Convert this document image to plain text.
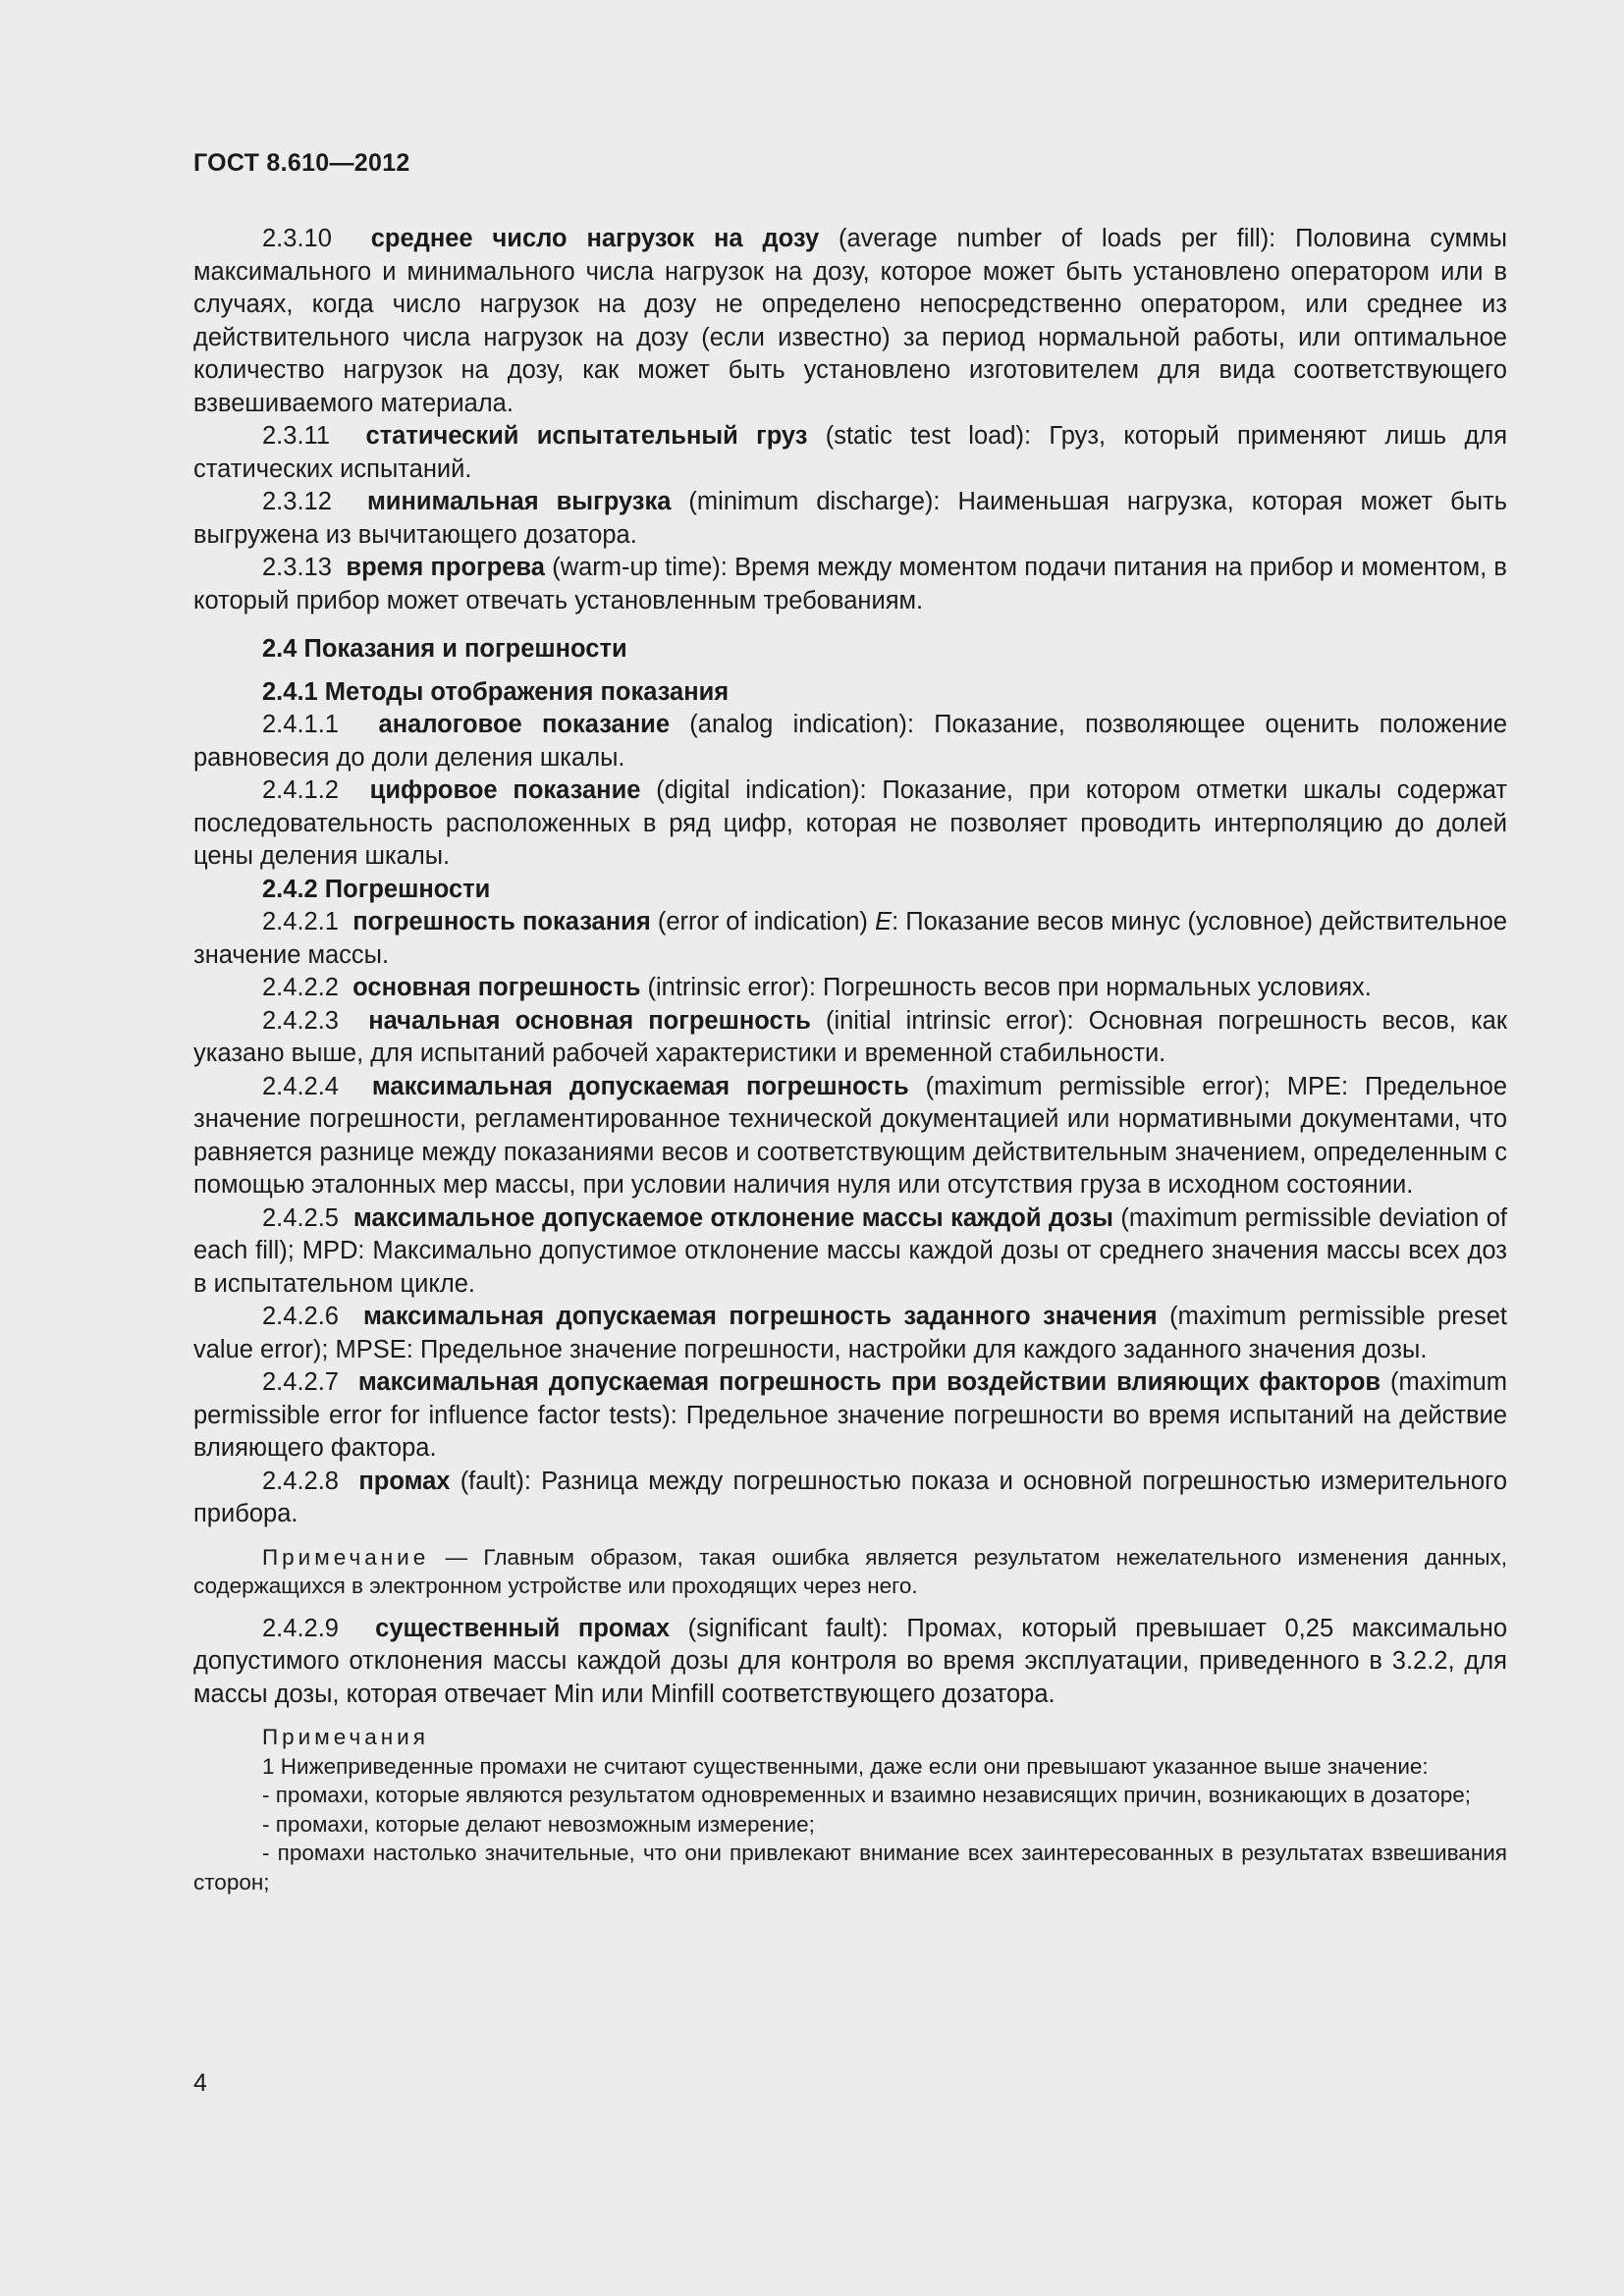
ГОСТ 8.610—2012

2.3.10 среднее число нагрузок на дозу (average number of loads per fill): Половина суммы максимального и минимального числа нагрузок на дозу, которое может быть установлено оператором или в случаях, когда число нагрузок на дозу не определено непосредственно оператором, или среднее из действительного числа нагрузок на дозу (если известно) за период нормальной работы, или оптимальное количество нагрузок на дозу, как может быть установлено изготовителем для вида соответствующего взвешиваемого материала.

2.3.11 статический испытательный груз (static test load): Груз, который применяют лишь для статических испытаний.

2.3.12 минимальная выгрузка (minimum discharge): Наименьшая нагрузка, которая может быть выгружена из вычитающего дозатора.

2.3.13 время прогрева (warm-up time): Время между моментом подачи питания на прибор и моментом, в который прибор может отвечать установленным требованиям.

2.4 Показания и погрешности

2.4.1 Методы отображения показания

2.4.1.1 аналоговое показание (analog indication): Показание, позволяющее оценить положение равновесия до доли деления шкалы.

2.4.1.2 цифровое показание (digital indication): Показание, при котором отметки шкалы содержат последовательность расположенных в ряд цифр, которая не позволяет проводить интерполяцию до долей цены деления шкалы.

2.4.2 Погрешности

2.4.2.1 погрешность показания (error of indication) E: Показание весов минус (условное) действительное значение массы.

2.4.2.2 основная погрешность (intrinsic error): Погрешность весов при нормальных условиях.

2.4.2.3 начальная основная погрешность (initial intrinsic error): Основная погрешность весов, как указано выше, для испытаний рабочей характеристики и временной стабильности.

2.4.2.4 максимальная допускаемая погрешность (maximum permissible error); MPE: Предельное значение погрешности, регламентированное технической документацией или нормативными документами, что равняется разнице между показаниями весов и соответствующим действительным значением, определенным с помощью эталонных мер массы, при условии наличия нуля или отсутствия груза в исходном состоянии.

2.4.2.5 максимальное допускаемое отклонение массы каждой дозы (maximum permissible deviation of each fill); MPD: Максимально допустимое отклонение массы каждой дозы от среднего значения массы всех доз в испытательном цикле.

2.4.2.6 максимальная допускаемая погрешность заданного значения (maximum permissible preset value error); MPSE: Предельное значение погрешности, настройки для каждого заданного значения дозы.

2.4.2.7 максимальная допускаемая погрешность при воздействии влияющих факторов (maximum permissible error for influence factor tests): Предельное значение погрешности во время испытаний на действие влияющего фактора.

2.4.2.8 промах (fault): Разница между погрешностью показа и основной погрешностью измерительного прибора.

Примечание — Главным образом, такая ошибка является результатом нежелательного изменения данных, содержащихся в электронном устройстве или проходящих через него.

2.4.2.9 существенный промах (significant fault): Промах, который превышает 0,25 максимально допустимого отклонения массы каждой дозы для контроля во время эксплуатации, приведенного в 3.2.2, для массы дозы, которая отвечает Min или Minfill соответствующего дозатора.

Примечания

1 Нижеприведенные промахи не считают существенными, даже если они превышают указанное выше значение:

- промахи, которые являются результатом одновременных и взаимно независящих причин, возникающих в дозаторе;

- промахи, которые делают невозможным измерение;

- промахи настолько значительные, что они привлекают внимание всех заинтересованных в результатах взвешивания сторон;

4
